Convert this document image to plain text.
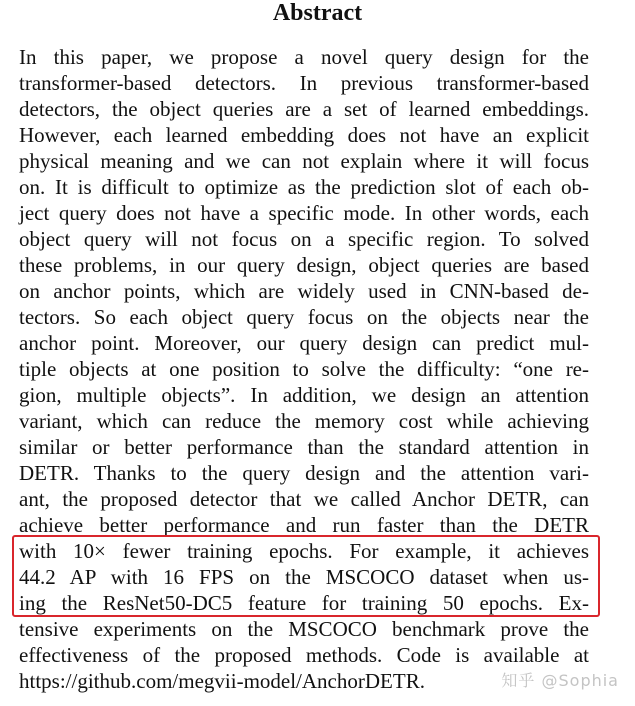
Abstract
In this paper, we propose a novel query design for the
transformer-based detectors. In previous transformer-based
detectors, the object queries are a set of learned embeddings.
However, each learned embedding does not have an explicit
physical meaning and we can not explain where it will focus
on. It is difficult to optimize as the prediction slot of each ob-
ject query does not have a specific mode. In other words, each
object query will not focus on a specific region. To solved
these problems, in our query design, object queries are based
on anchor points, which are widely used in CNN-based de-
tectors. So each object query focus on the objects near the
anchor point. Moreover, our query design can predict mul-
tiple objects at one position to solve the difficulty: “one re-
gion, multiple objects”. In addition, we design an attention
variant, which can reduce the memory cost while achieving
similar or better performance than the standard attention in
DETR. Thanks to the query design and the attention vari-
ant, the proposed detector that we called Anchor DETR, can
achieve better performance and run faster than the DETR
with 10× fewer training epochs. For example, it achieves
44.2 AP with 16 FPS on the MSCOCO dataset when us-
ing the ResNet50-DC5 feature for training 50 epochs. Ex-
tensive experiments on the MSCOCO benchmark prove the
effectiveness of the proposed methods. Code is available at
https://github.com/megvii-model/AnchorDETR.	知乎 @Sophia
